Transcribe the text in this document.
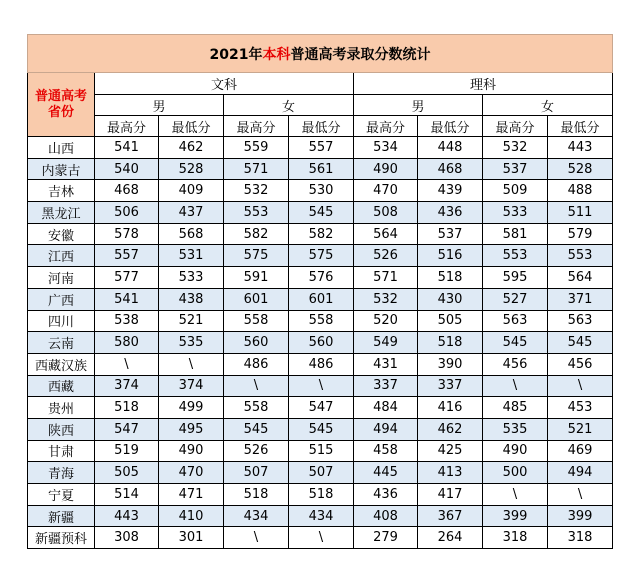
2021年本科普通高考录取分数统计								
普通高考
省份	文科				理科			
	男		女		男		女	
	最高分	最低分	最高分	最低分	最高分	最低分	最高分	最低分
山西	541	462	559	557	534	448	532	443
内蒙古	540	528	571	561	490	468	537	528
吉林	468	409	532	530	470	439	509	488
黑龙江	506	437	553	545	508	436	533	511
安徽	578	568	582	582	564	537	581	579
江西	557	531	575	575	526	516	553	553
河南	577	533	591	576	571	518	595	564
广西	541	438	601	601	532	430	527	371
四川	538	521	558	558	520	505	563	563
云南	580	535	560	560	549	518	545	545
西藏汉族	\	\	486	486	431	390	456	456
西藏	374	374	\	\	337	337	\	\
贵州	518	499	558	547	484	416	485	453
陕西	547	495	545	545	494	462	535	521
甘肃	519	490	526	515	458	425	490	469
青海	505	470	507	507	445	413	500	494
宁夏	514	471	518	518	436	417	\	\
新疆	443	410	434	434	408	367	399	399
新疆预科	308	301	\	\	279	264	318	318
